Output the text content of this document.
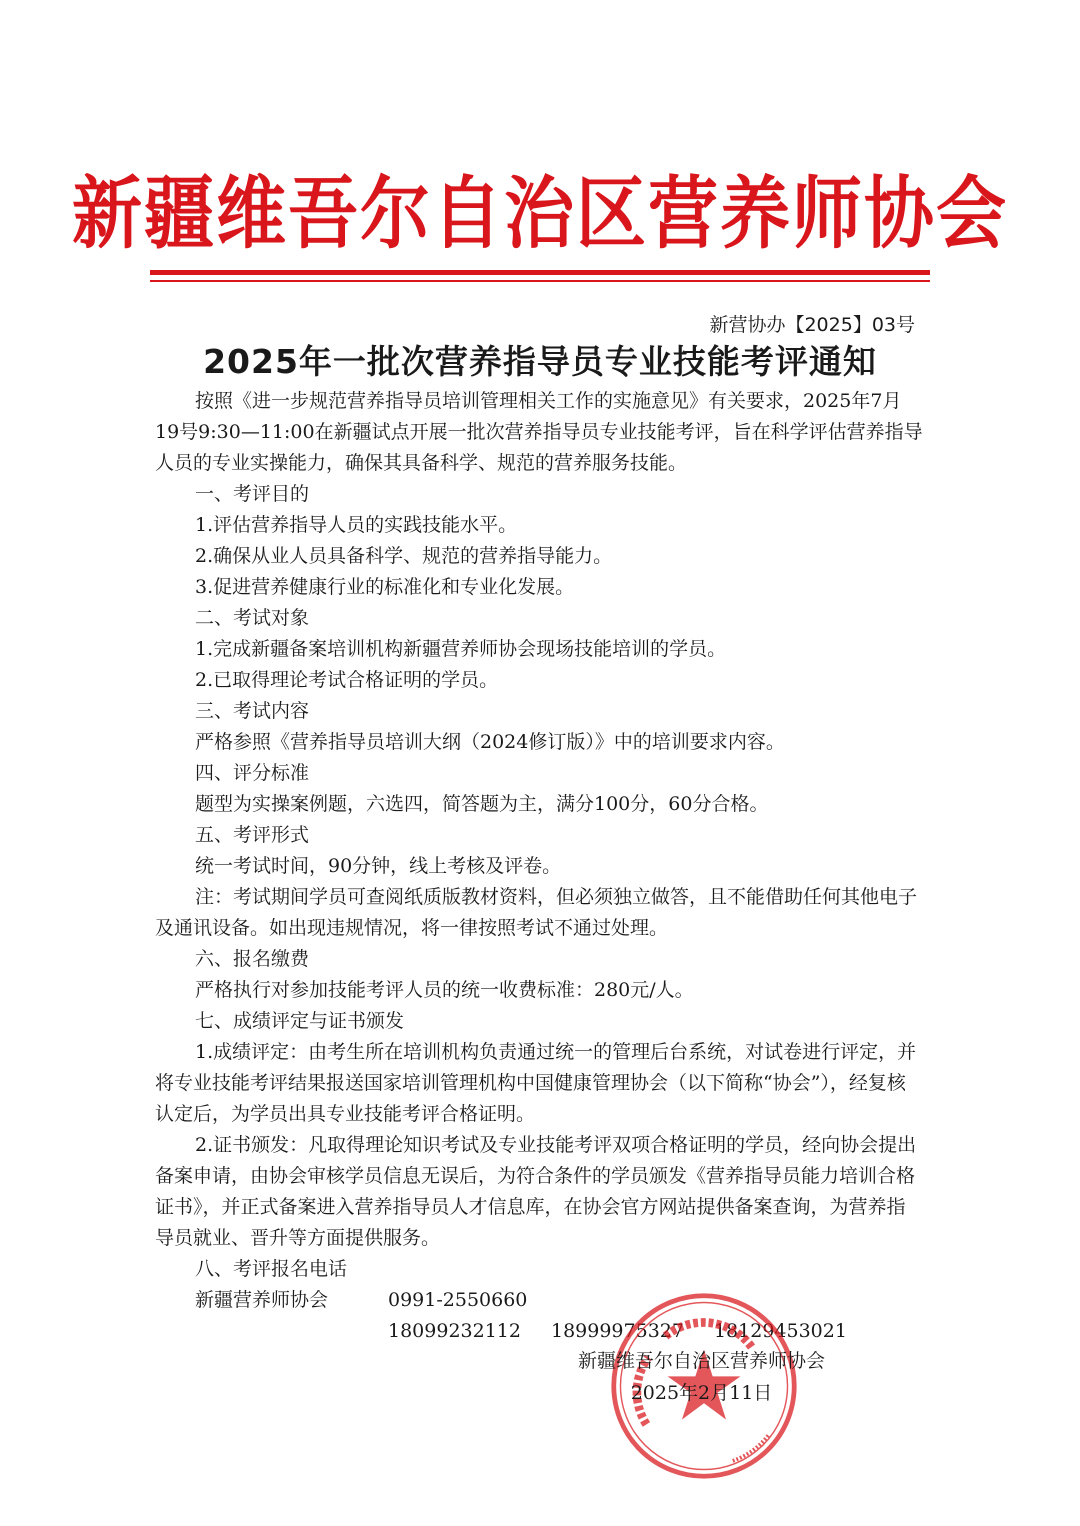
新疆维吾尔自治区营养师协会
新营协办【2025】03号
2025年一批次营养指导员专业技能考评通知

按照《进一步规范营养指导员培训管理相关工作的实施意见》有关要求，2025年7月19号9:30—11:00在新疆试点开展一批次营养指导员专业技能考评，旨在科学评估营养指导人员的专业实操能力，确保其具备科学、规范的营养服务技能。

一、考评目的

1.评估营养指导人员的实践技能水平。

2.确保从业人员具备科学、规范的营养指导能力。

3.促进营养健康行业的标准化和专业化发展。

二、考试对象

1.完成新疆备案培训机构新疆营养师协会现场技能培训的学员。

2.已取得理论考试合格证明的学员。

三、考试内容

严格参照《营养指导员培训大纲（2024修订版）》中的培训要求内容。

四、评分标准

题型为实操案例题，六选四，简答题为主，满分100分，60分合格。

五、考评形式

统一考试时间，90分钟，线上考核及评卷。

注：考试期间学员可查阅纸质版教材资料，但必须独立做答，且不能借助任何其他电子及通讯设备。如出现违规情况，将一律按照考试不通过处理。

六、报名缴费

严格执行对参加技能考评人员的统一收费标准：280元/人。

七、成绩评定与证书颁发

1.成绩评定：由考生所在培训机构负责通过统一的管理后台系统，对试卷进行评定，并将专业技能考评结果报送国家培训管理机构中国健康管理协会（以下简称“协会”），经复核认定后，为学员出具专业技能考评合格证明。

2.证书颁发：凡取得理论知识考试及专业技能考评双项合格证明的学员，经向协会提出备案申请，由协会审核学员信息无误后，为符合条件的学员颁发《营养指导员能力培训合格证书》，并正式备案进入营养指导员人才信息库，在协会官方网站提供备案查询，为营养指导员就业、晋升等方面提供服务。

八、考评报名电话

新疆营养师协会	0991-2550660
18099232112 18999975327 18129453021
新疆维吾尔自治区营养师协会
2025年2月11日
